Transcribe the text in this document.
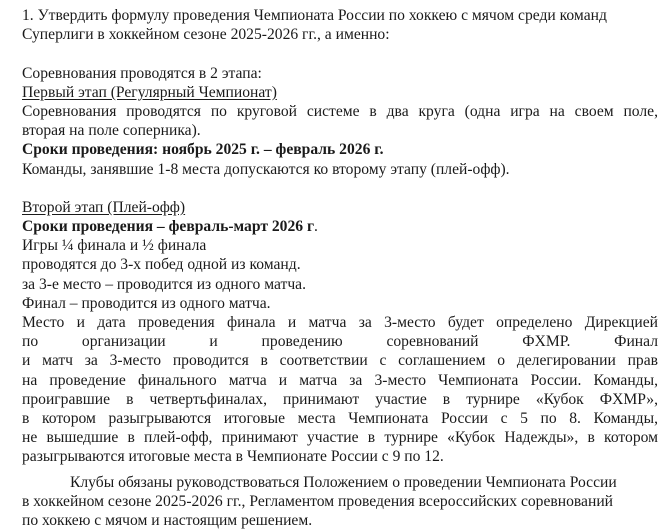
1. Утвердить формулу проведения Чемпионата России по хоккею с мячом среди команд
Суперлиги в хоккейном сезоне 2025-2026 гг., а именно:
Соревнования проводятся в 2 этапа:
Первый этап (Регулярный Чемпионат)
Соревнования проводятся по круговой системе в два круга (одна игра на своем поле,
вторая на поле соперника).
Сроки проведения: ноябрь 2025 г. – февраль 2026 г.
Команды, занявшие 1-8 места допускаются ко второму этапу (плей-офф).
Второй этап (Плей-офф)
Сроки проведения – февраль-март 2026 г.
Игры ¼ финала и ½ финала
проводятся до 3-х побед одной из команд.
за 3-е место – проводится из одного матча.
Финал – проводится из одного матча.
Место и дата проведения финала и матча за 3-место будет определено Дирекцией
по организации и проведению соревнований ФХМР. Финал
и матч за 3-место проводится в соответствии с соглашением о делегировании прав
на проведение финального матча и матча за 3-место Чемпионата России. Команды,
проигравшие в четвертьфиналах, принимают участие в турнире «Кубок ФХМР»,
в котором разыгрываются итоговые места Чемпионата России с 5 по 8. Команды,
не вышедшие в плей-офф, принимают участие в турнире «Кубок Надежды», в котором
разыгрываются итоговые места в Чемпионате России с 9 по 12.
Клубы обязаны руководствоваться Положением о проведении Чемпионата России
в хоккейном сезоне 2025-2026 гг., Регламентом проведения всероссийских соревнований
по хоккею с мячом и настоящим решением.
